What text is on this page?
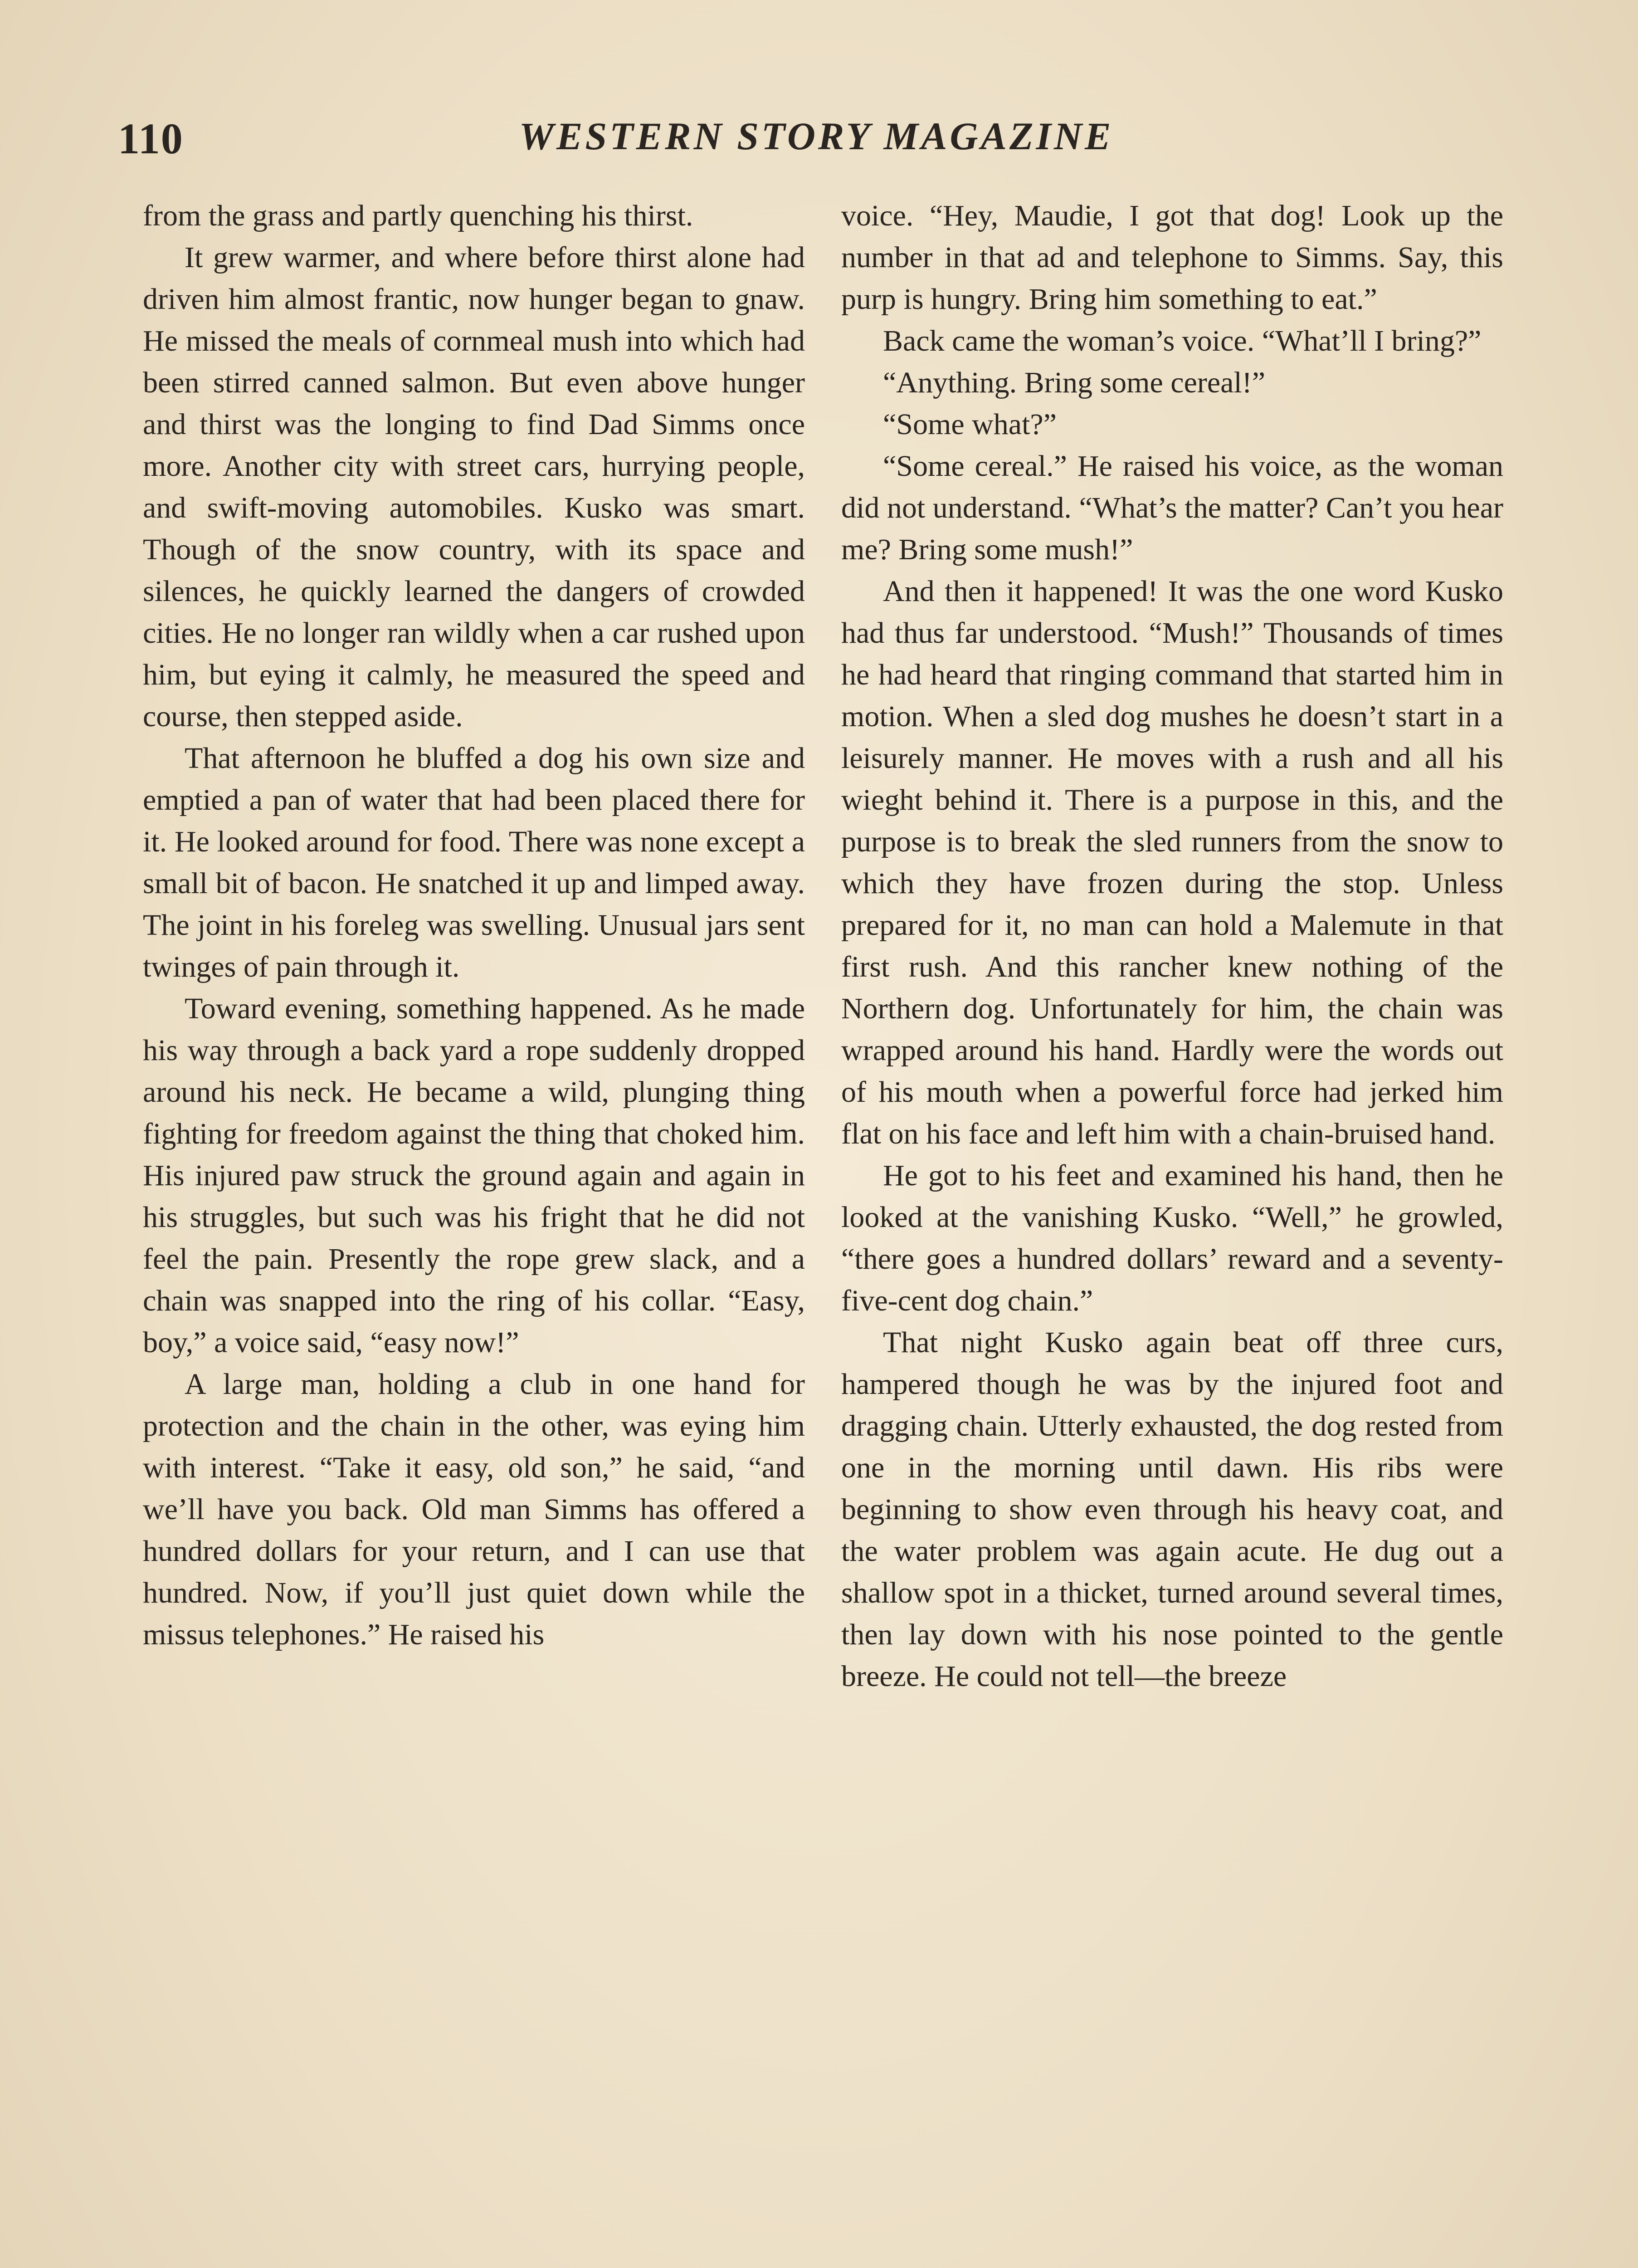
110	WESTERN STORY MAGAZINE

from the grass and partly quenching his thirst.

It grew warmer, and where before thirst alone had driven him almost frantic, now hunger began to gnaw. He missed the meals of cornmeal mush into which had been stirred canned salmon. But even above hunger and thirst was the longing to find Dad Simms once more. Another city with street cars, hurrying people, and swift-moving automobiles. Kusko was smart. Though of the snow country, with its space and silences, he quickly learned the dangers of crowded cities. He no longer ran wildly when a car rushed upon him, but eying it calmly, he measured the speed and course, then stepped aside.

That afternoon he bluffed a dog his own size and emptied a pan of water that had been placed there for it. He looked around for food. There was none except a small bit of bacon. He snatched it up and limped away. The joint in his foreleg was swelling. Unusual jars sent twinges of pain through it.

Toward evening, something happened. As he made his way through a back yard a rope suddenly dropped around his neck. He became a wild, plunging thing fighting for freedom against the thing that choked him. His injured paw struck the ground again and again in his struggles, but such was his fright that he did not feel the pain. Presently the rope grew slack, and a chain was snapped into the ring of his collar. “Easy, boy,” a voice said, “easy now!”

A large man, holding a club in one hand for protection and the chain in the other, was eying him with interest. “Take it easy, old son,” he said, “and we’ll have you back. Old man Simms has offered a hundred dollars for your return, and I can use that hundred. Now, if you’ll just quiet down while the missus telephones.” He raised his

voice. “Hey, Maudie, I got that dog! Look up the number in that ad and telephone to Simms. Say, this purp is hungry. Bring him something to eat.”

Back came the woman’s voice. “What’ll I bring?”

“Anything. Bring some cereal!”

“Some what?”

“Some cereal.” He raised his voice, as the woman did not understand. “What’s the matter? Can’t you hear me? Bring some mush!”

And then it happened! It was the one word Kusko had thus far understood. “Mush!” Thousands of times he had heard that ringing command that started him in motion. When a sled dog mushes he doesn’t start in a leisurely manner. He moves with a rush and all his wieght behind it. There is a purpose in this, and the purpose is to break the sled runners from the snow to which they have frozen during the stop. Unless prepared for it, no man can hold a Malemute in that first rush. And this rancher knew nothing of the Northern dog. Unfortunately for him, the chain was wrapped around his hand. Hardly were the words out of his mouth when a powerful force had jerked him flat on his face and left him with a chain-bruised hand.

He got to his feet and examined his hand, then he looked at the vanishing Kusko. “Well,” he growled, “there goes a hundred dollars’ reward and a seventy-five-cent dog chain.”

That night Kusko again beat off three curs, hampered though he was by the injured foot and dragging chain. Utterly exhausted, the dog rested from one in the morning until dawn. His ribs were beginning to show even through his heavy coat, and the water problem was again acute. He dug out a shallow spot in a thicket, turned around several times, then lay down with his nose pointed to the gentle breeze. He could not tell—the breeze
